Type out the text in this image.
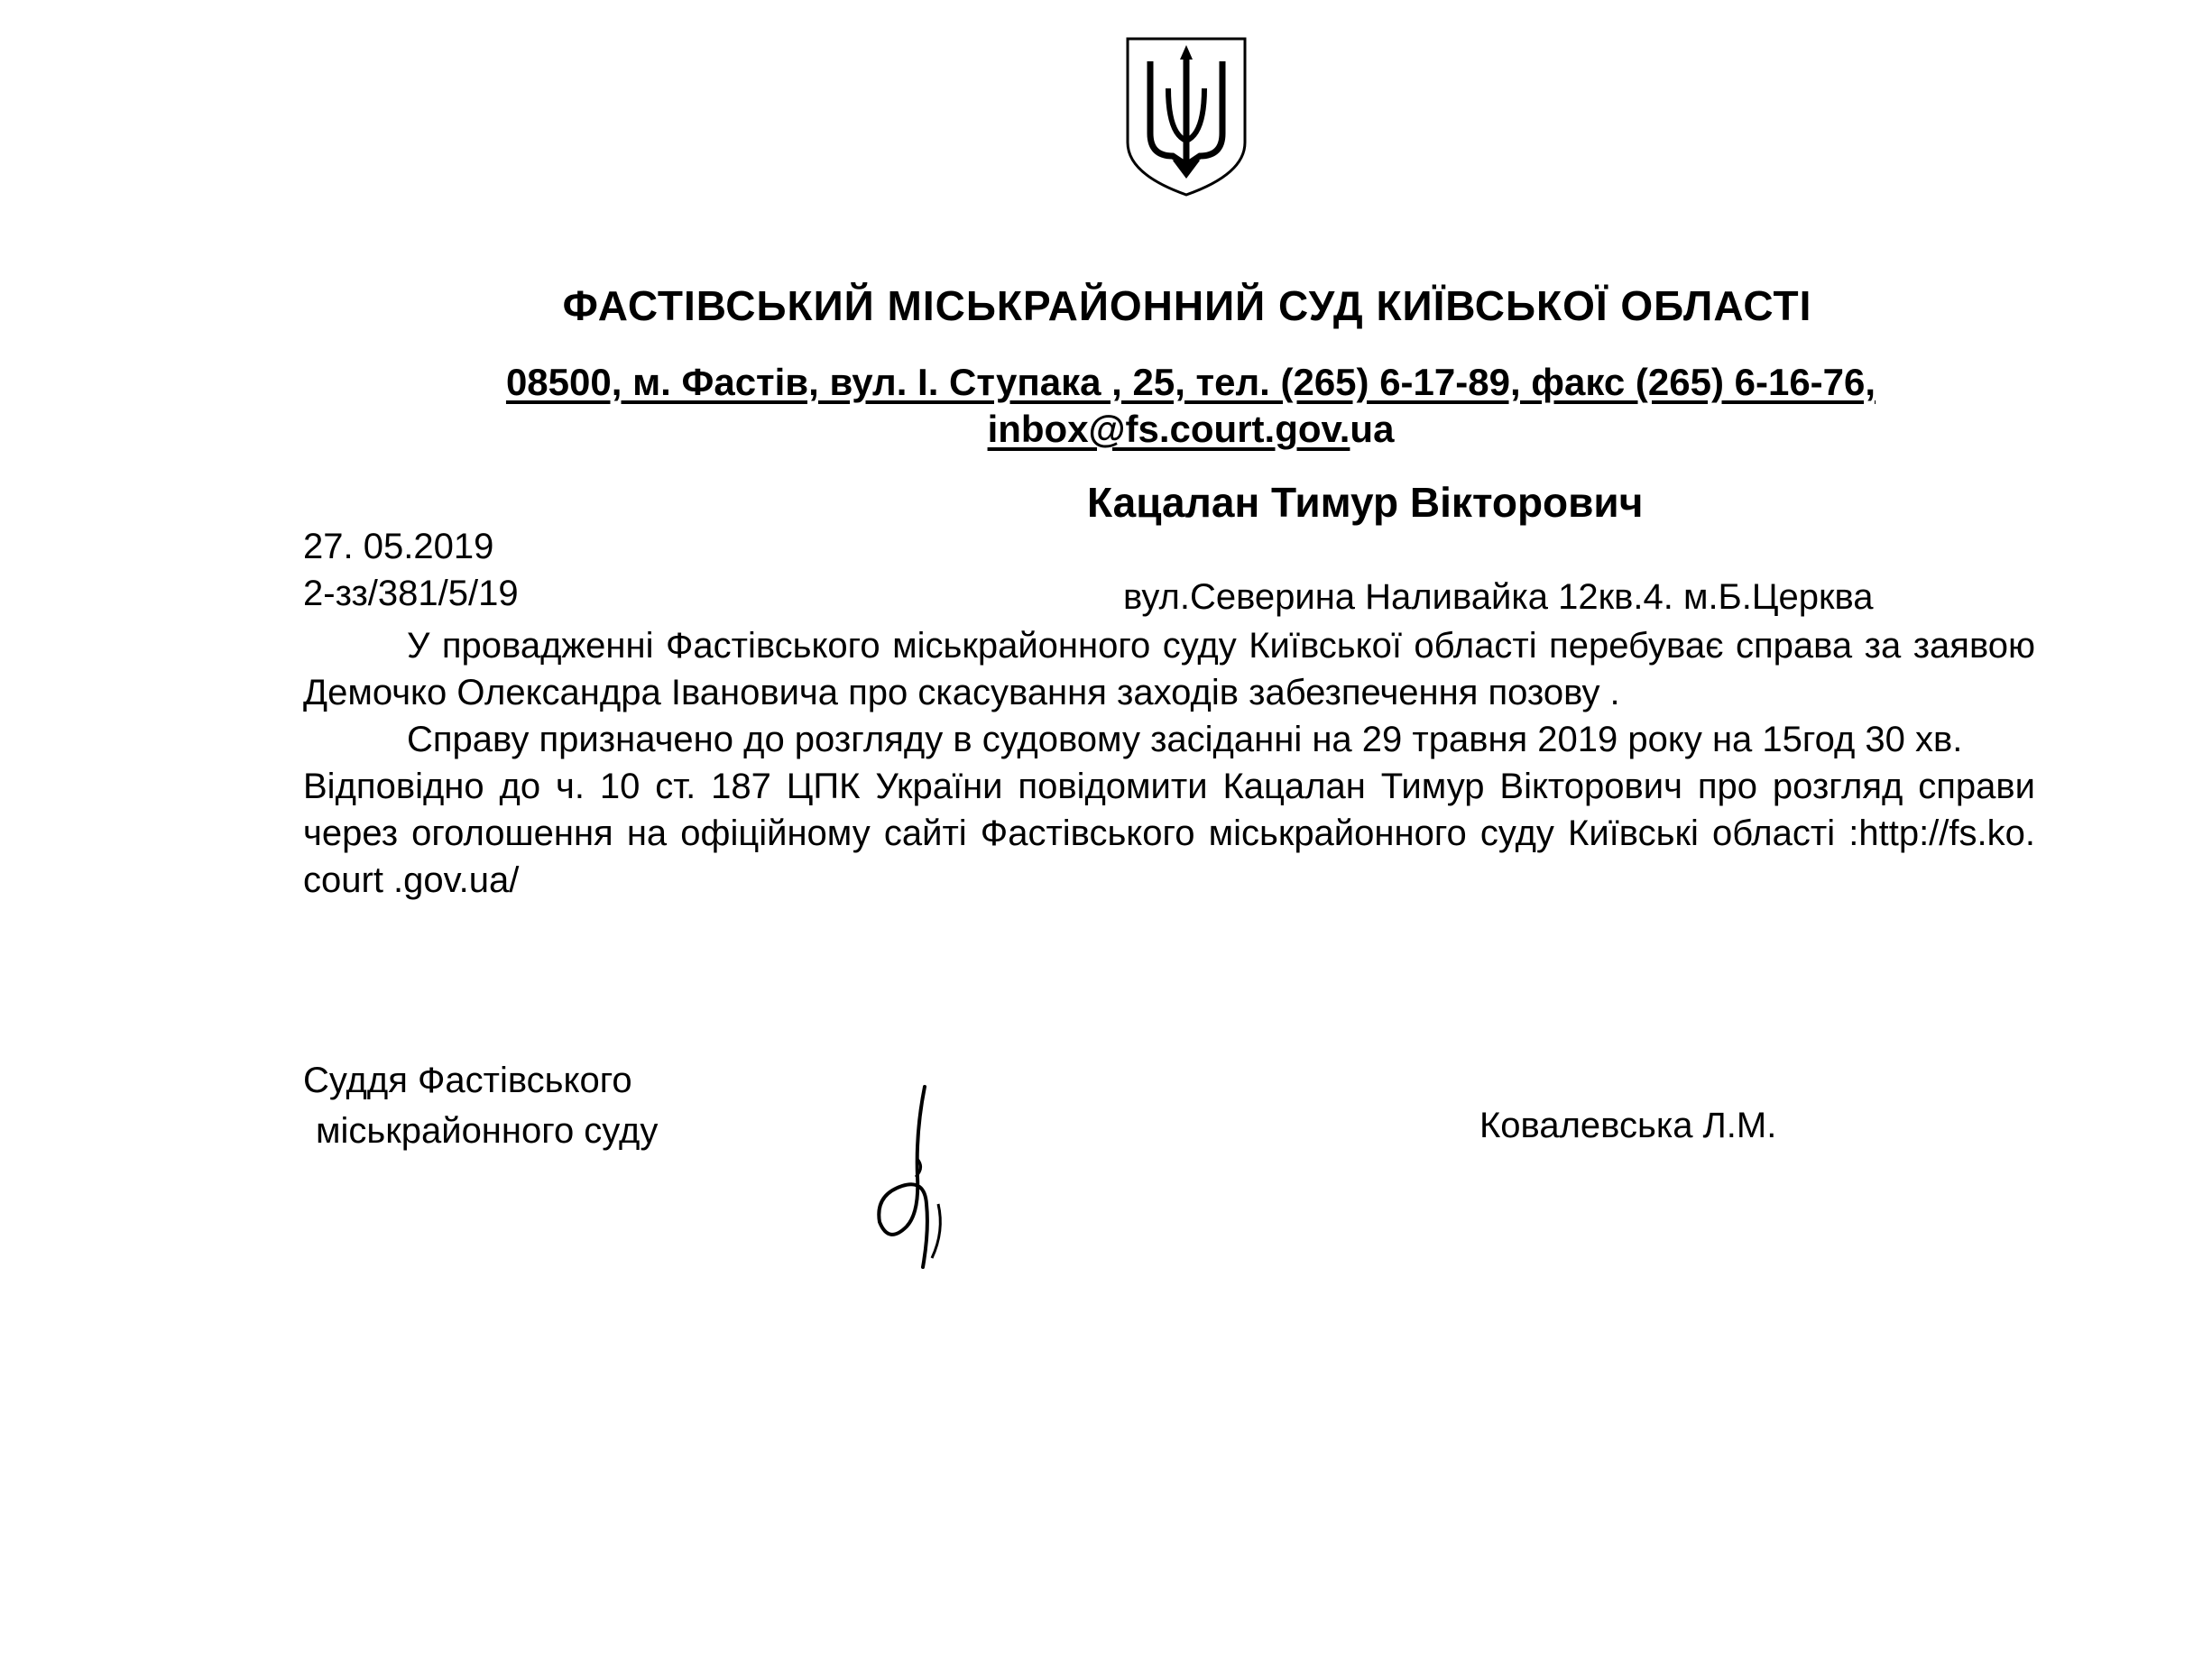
ФАСТІВСЬКИЙ МІСЬКРАЙОННИЙ СУД КИЇВСЬКОЇ ОБЛАСТІ
08500, м. Фастів, вул. І. Ступака , 25, тел. (265) 6-17-89, факс (265) 6-16-76,
inbox@fs.court.gov.ua
Кацалан Тимур Вікторович
27. 05.2019
2-зз/381/5/19	вул.Северина Наливайка 12кв.4. м.Б.Церква

У провадженні Фастівського міськрайонного суду Київської області перебуває справа за заявою Демочко Олександра Івановича про скасування заходів забезпечення позову .

Справу призначено до розгляду в судовому засіданні на 29 травня 2019 року на 15год 30 хв.

Відповідно до ч. 10 ст. 187 ЦПК України повідомити Кацалан Тимур Вікторович про розгляд справи через оголошення на офіційному сайті Фастівського міськрайонного суду Київські області :http://fs.ko. court .gov.ua/

Суддя Фастівського
міськрайонного суду	Ковалевська Л.М.
